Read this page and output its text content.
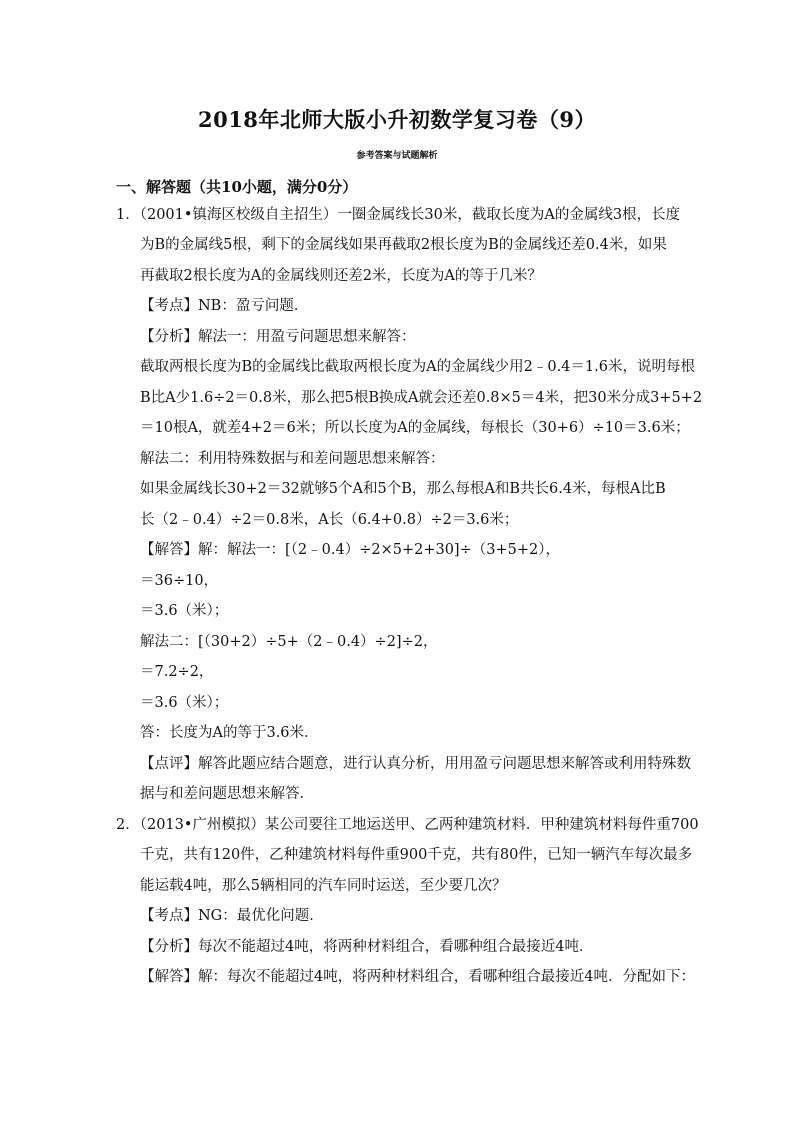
2018年北师大版小升初数学复习卷（9）
参考答案与试题解析
一、解答题（共10小题，满分0分）
1．（2001•镇海区校级自主招生）一圈金属线长30米，截取长度为A的金属线3根，长度
为B的金属线5根，剩下的金属线如果再截取2根长度为B的金属线还差0.4米，如果
再截取2根长度为A的金属线则还差2米，长度为A的等于几米？
【考点】NB：盈亏问题．
【分析】解法一：用盈亏问题思想来解答：
截取两根长度为B的金属线比截取两根长度为A的金属线少用2﹣0.4＝1.6米，说明每根
B比A少1.6÷2＝0.8米，那么把5根B换成A就会还差0.8×5＝4米，把30米分成3+5+2
＝10根A，就差4+2＝6米；所以长度为A的金属线，每根长（30+6）÷10＝3.6米；
解法二：利用特殊数据与和差问题思想来解答：
如果金属线长30+2＝32就够5个A和5个B，那么每根A和B共长6.4米，每根A比B
长（2﹣0.4）÷2＝0.8米，A长（6.4+0.8）÷2＝3.6米；
【解答】解：解法一：[（2﹣0.4）÷2×5+2+30]÷（3+5+2），
＝36÷10，
＝3.6（米）；
解法二：[（30+2）÷5+（2﹣0.4）÷2]÷2，
＝7.2÷2，
＝3.6（米）；
答：长度为A的等于3.6米．
【点评】解答此题应结合题意，进行认真分析，用用盈亏问题思想来解答或利用特殊数
据与和差问题思想来解答．
2．（2013•广州模拟）某公司要往工地运送甲、乙两种建筑材料．甲种建筑材料每件重700
千克，共有120件，乙种建筑材料每件重900千克，共有80件，已知一辆汽车每次最多
能运载4吨，那么5辆相同的汽车同时运送，至少要几次？
【考点】NG：最优化问题．
【分析】每次不能超过4吨，将两种材料组合，看哪种组合最接近4吨．
【解答】解：每次不能超过4吨，将两种材料组合，看哪种组合最接近4吨．分配如下：
